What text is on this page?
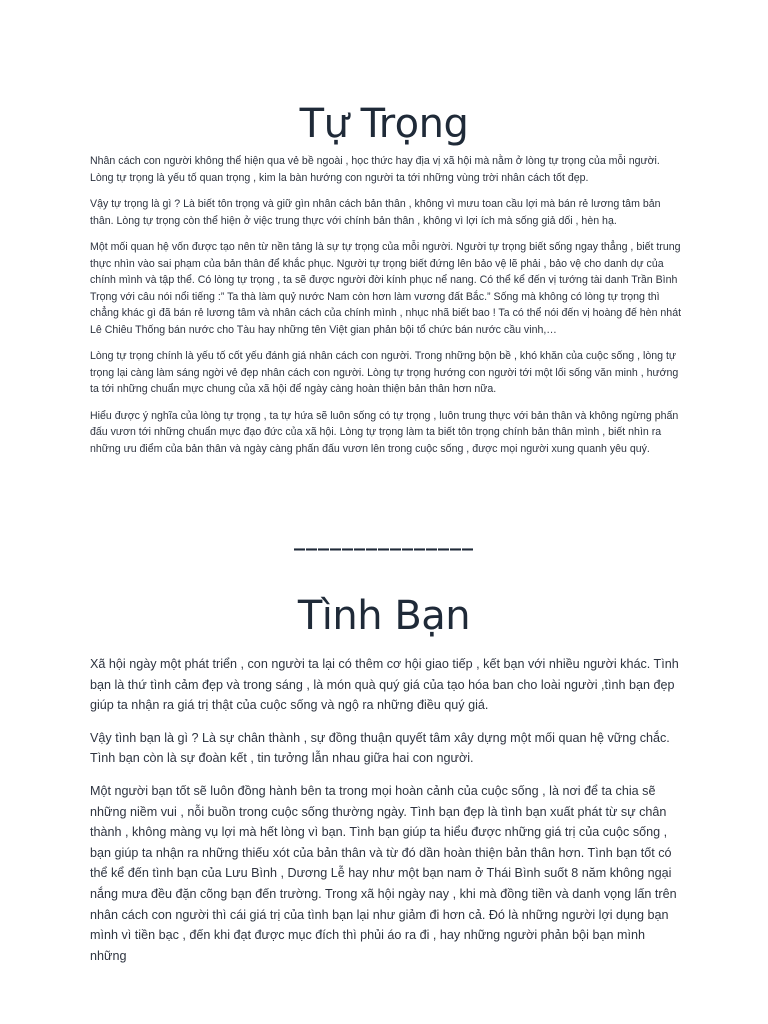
Tự Trọng

Nhân cách con người không thể hiện qua vẻ bề ngoài , học thức hay địa vị xã hội mà nằm ở lòng tự trọng của mỗi người. Lòng tự trọng là yếu tố quan trọng , kim la bàn hướng con người ta tới những vùng trời nhân cách tốt đẹp.

Vậy tự trọng là gì ? Là biết tôn trọng và giữ gìn nhân cách bản thân , không vì mưu toan cầu lợi mà bán rẻ lương tâm bản thân. Lòng tự trọng còn thể hiện ở việc trung thực với chính bản thân , không vì lợi ích mà sống giả dối , hèn hạ.

Một mối quan hệ vốn được tạo nên từ nền tảng là sự tự trọng của mỗi người. Người tự trọng biết sống ngay thẳng , biết trung thực nhìn vào sai phạm của bản thân để khắc phục. Người tự trọng biết đứng lên bảo vệ lẽ phải , bảo vệ cho danh dự của chính mình và tập thể. Có lòng tự trọng , ta sẽ được người đời kính phục nể nang. Có thể kể đến vị tướng tài danh Trần Bình Trọng với câu nói nổi tiếng :” Ta thà làm quỷ nước Nam còn hơn làm vương đất Bắc.” Sống mà không có lòng tự trọng thì chẳng khác gì đã bán rẻ lương tâm và nhân cách của chính mình , nhục nhã biết bao ! Ta có thể nói đến vị hoàng đế hèn nhát Lê Chiêu Thống bán nước cho Tàu hay những tên Việt gian phản bội tổ chức bán nước cầu vinh,…

Lòng tự trọng chính là yếu tố cốt yếu đánh giá nhân cách con người. Trong những bộn bề , khó khăn của cuộc sống , lòng tự trọng lại càng làm sáng ngời vẻ đẹp nhân cách con người. Lòng tự trọng hướng con người tới một lối sống văn minh , hướng ta tới những chuẩn mực chung của xã hội để ngày càng hoàn thiện bản thân hơn nữa.

Hiểu được ý nghĩa của lòng tự trọng , ta tự hứa sẽ luôn sống có tự trọng , luôn trung thực với bản thân và không ngừng phấn đấu vươn tới những chuẩn mực đạo đức của xã hội. Lòng tự trọng làm ta biết tôn trọng chính bản thân mình , biết nhìn ra những ưu điểm của bản thân và ngày càng phấn đấu vươn lên trong cuộc sống , được mọi người xung quanh yêu quý.

_______________
Tình Bạn

Xã hội ngày một phát triển , con người ta lại có thêm cơ hội giao tiếp , kết bạn với nhiều người khác. Tình bạn là thứ tình cảm đẹp và trong sáng , là món quà quý giá của tạo hóa ban cho loài người ,tình bạn đẹp giúp ta nhận ra giá trị thật của cuộc sống và ngộ ra những điều quý giá.

Vậy tình bạn là gì ? Là sự chân thành , sự đồng thuận quyết tâm xây dựng một mối quan hệ vững chắc. Tình bạn còn là sự đoàn kết , tin tưởng lẫn nhau giữa hai con người.

Một người bạn tốt sẽ luôn đồng hành bên ta trong mọi hoàn cảnh của cuộc sống , là nơi để ta chia sẽ những niềm vui , nỗi buồn trong cuộc sống thường ngày. Tình bạn đẹp là tình bạn xuất phát từ sự chân thành , không màng vụ lợi mà hết lòng vì bạn. Tình bạn giúp ta hiểu được những giá trị của cuộc sống , bạn giúp ta nhận ra những thiếu xót của bản thân và từ đó dần hoàn thiện bản thân hơn. Tình bạn tốt có thể kể đến tình bạn của Lưu Bình , Dương Lễ hay như một bạn nam ở Thái Bình suốt 8 năm không ngại nắng mưa đều đặn cõng bạn đến trường. Trong xã hội ngày nay , khi mà đồng tiền và danh vọng lấn trên nhân cách con người thì cái giá trị của tình bạn lại như giảm đi hơn cả. Đó là những người lợi dụng bạn mình vì tiền bạc , đến khi đạt được mục đích thì phủi áo ra đi , hay những người phản bội bạn mình những
